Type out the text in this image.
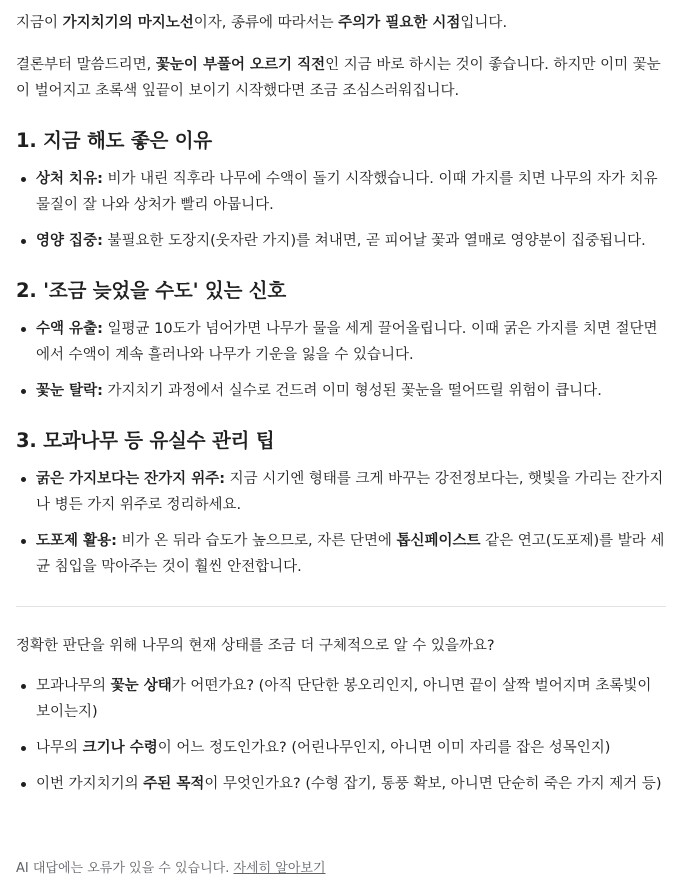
지금이 가지치기의 마지노선이자, 종류에 따라서는 주의가 필요한 시점입니다.

결론부터 말씀드리면, 꽃눈이 부풀어 오르기 직전인 지금 바로 하시는 것이 좋습니다. 하지만 이미 꽃눈이 벌어지고 초록색 잎끝이 보이기 시작했다면 조금 조심스러워집니다.

1. 지금 해도 좋은 이유
상처 치유: 비가 내린 직후라 나무에 수액이 돌기 시작했습니다. 이때 가지를 치면 나무의 자가 치유 물질이 잘 나와 상처가 빨리 아뭅니다.
영양 집중: 불필요한 도장지(웃자란 가지)를 쳐내면, 곧 피어날 꽃과 열매로 영양분이 집중됩니다.
2. '조금 늦었을 수도' 있는 신호
수액 유출: 일평균 10도가 넘어가면 나무가 물을 세게 끌어올립니다. 이때 굵은 가지를 치면 절단면에서 수액이 계속 흘러나와 나무가 기운을 잃을 수 있습니다.
꽃눈 탈락: 가지치기 과정에서 실수로 건드려 이미 형성된 꽃눈을 떨어뜨릴 위험이 큽니다.
3. 모과나무 등 유실수 관리 팁
굵은 가지보다는 잔가지 위주: 지금 시기엔 형태를 크게 바꾸는 강전정보다는, 햇빛을 가리는 잔가지나 병든 가지 위주로 정리하세요.
도포제 활용: 비가 온 뒤라 습도가 높으므로, 자른 단면에 톱신페이스트 같은 연고(도포제)를 발라 세균 침입을 막아주는 것이 훨씬 안전합니다.

정확한 판단을 위해 나무의 현재 상태를 조금 더 구체적으로 알 수 있을까요?

모과나무의 꽃눈 상태가 어떤가요? (아직 단단한 봉오리인지, 아니면 끝이 살짝 벌어지며 초록빛이 보이는지)
나무의 크기나 수령이 어느 정도인가요? (어린나무인지, 아니면 이미 자리를 잡은 성목인지)
이번 가지치기의 주된 목적이 무엇인가요? (수형 잡기, 통풍 확보, 아니면 단순히 죽은 가지 제거 등)
AI 대답에는 오류가 있을 수 있습니다. 자세히 알아보기
